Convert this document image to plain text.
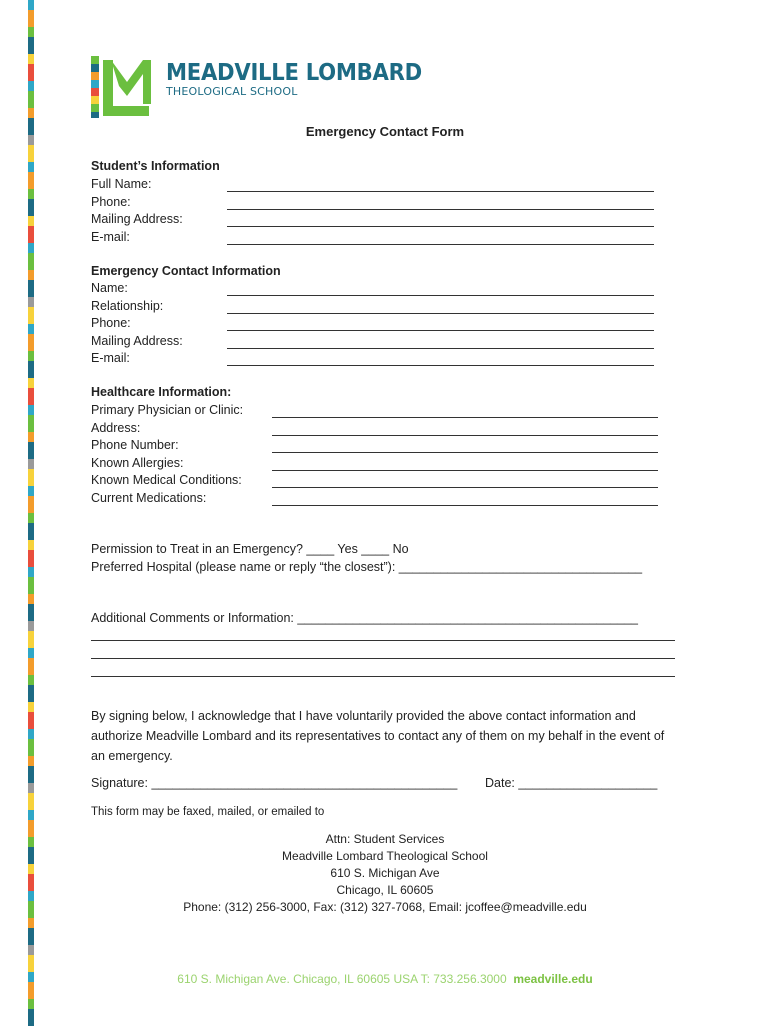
MEADVILLE LOMBARD
THEOLOGICAL SCHOOL
Emergency Contact Form
Student’s Information
Full Name:
Phone:
Mailing Address:
E-mail:
Emergency Contact Information
Name:
Relationship:
Phone:
Mailing Address:
E-mail:
Healthcare Information:
Primary Physician or Clinic:
Address:
Phone Number:
Known Allergies:
Known Medical Conditions:
Current Medications:
Permission to Treat in an Emergency? ____ Yes ____ No
Preferred Hospital (please name or reply “the closest”): ___________________________________
Additional Comments or Information: _________________________________________________
By signing below, I acknowledge that I have voluntarily provided the above contact information and authorize Meadville Lombard and its representatives to contact any of them on my behalf in the event of an emergency.
Signature: ____________________________________________ Date: ____________________
This form may be faxed, mailed, or emailed to
Attn: Student Services
Meadville Lombard Theological School
610 S. Michigan Ave
Chicago, IL 60605
Phone: (312) 256-3000, Fax: (312) 327-7068, Email: jcoffee@meadville.edu
610 S. Michigan Ave. Chicago, IL 60605 USA T: 733.256.3000 meadville.edu
